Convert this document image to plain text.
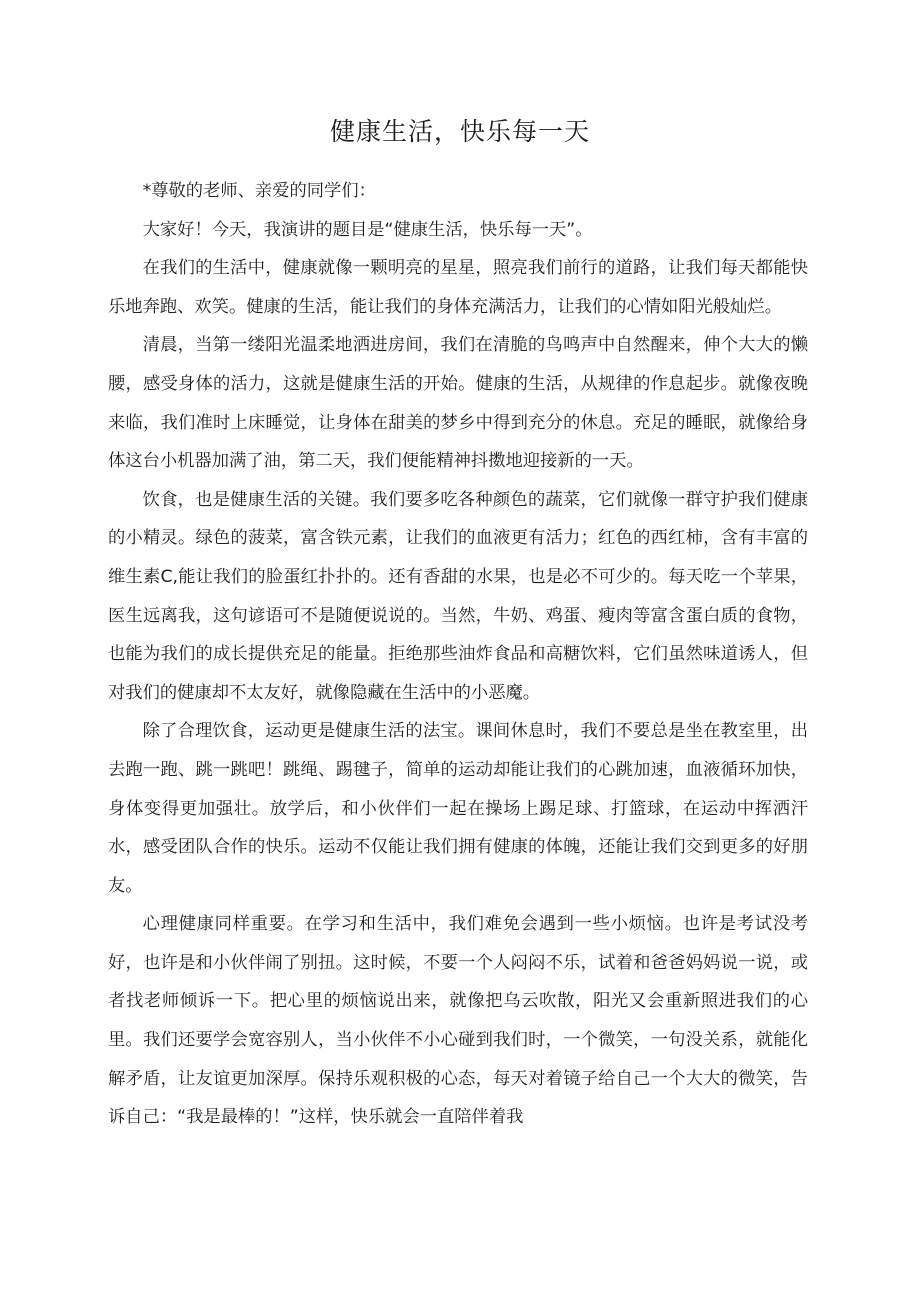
健康生活，快乐每一天

*尊敬的老师、亲爱的同学们：

大家好！今天，我演讲的题目是“健康生活，快乐每一天”。

在我们的生活中，健康就像一颗明亮的星星，照亮我们前行的道路，让我们每天都能快乐地奔跑、欢笑。健康的生活，能让我们的身体充满活力，让我们的心情如阳光般灿烂。

清晨，当第一缕阳光温柔地洒进房间，我们在清脆的鸟鸣声中自然醒来，伸个大大的懒腰，感受身体的活力，这就是健康生活的开始。健康的生活，从规律的作息起步。就像夜晚来临，我们准时上床睡觉，让身体在甜美的梦乡中得到充分的休息。充足的睡眠，就像给身体这台小机器加满了油，第二天，我们便能精神抖擞地迎接新的一天。

饮食，也是健康生活的关键。我们要多吃各种颜色的蔬菜，它们就像一群守护我们健康的小精灵。绿色的菠菜，富含铁元素，让我们的血液更有活力；红色的西红柿，含有丰富的维生素C,能让我们的脸蛋红扑扑的。还有香甜的水果，也是必不可少的。每天吃一个苹果，医生远离我，这句谚语可不是随便说说的。当然，牛奶、鸡蛋、瘦肉等富含蛋白质的食物，也能为我们的成长提供充足的能量。拒绝那些油炸食品和高糖饮料，它们虽然味道诱人，但对我们的健康却不太友好，就像隐藏在生活中的小恶魔。

除了合理饮食，运动更是健康生活的法宝。课间休息时，我们不要总是坐在教室里，出去跑一跑、跳一跳吧！跳绳、踢毽子，简单的运动却能让我们的心跳加速，血液循环加快，身体变得更加强壮。放学后，和小伙伴们一起在操场上踢足球、打篮球，在运动中挥洒汗水，感受团队合作的快乐。运动不仅能让我们拥有健康的体魄，还能让我们交到更多的好朋友。

心理健康同样重要。在学习和生活中，我们难免会遇到一些小烦恼。也许是考试没考好，也许是和小伙伴闹了别扭。这时候，不要一个人闷闷不乐，试着和爸爸妈妈说一说，或者找老师倾诉一下。把心里的烦恼说出来，就像把乌云吹散，阳光又会重新照进我们的心里。我们还要学会宽容别人，当小伙伴不小心碰到我们时，一个微笑，一句没关系，就能化解矛盾，让友谊更加深厚。保持乐观积极的心态，每天对着镜子给自己一个大大的微笑，告诉自己：“我是最棒的！”这样，快乐就会一直陪伴着我
